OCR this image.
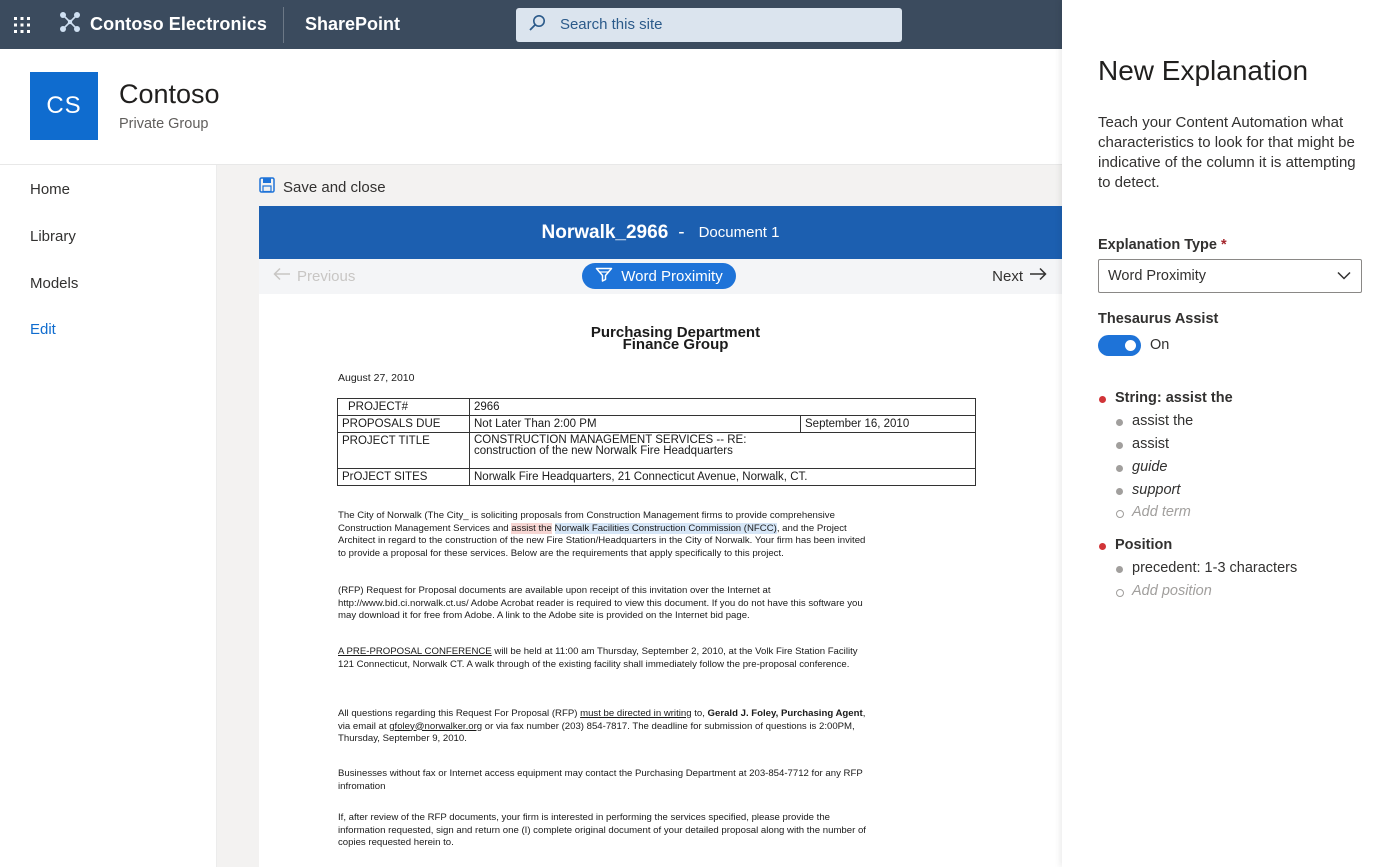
Contoso Electronics	SharePoint	Search this site
CS	Contoso
Private Group
Home
Library
Models
Edit
Save and close
Norwalk_2966 - Document 1
Previous	Word Proximity	Next
Purchasing Department
Finance Group
August 27, 2010
PROJECT#	2966	
PROPOSALS DUE	Not Later Than 2:00 PM	September 16, 2010
PROJECT TITLE	CONSTRUCTION MANAGEMENT SERVICES -- RE:
construction of the new Norwalk Fire Headquarters	

PrOJECT SITES	Norwalk Fire Headquarters, 21 Connecticut Avenue, Norwalk, CT.	
The City of Norwalk (The City_ is soliciting proposals from Construction Management firms to provide comprehensive Construction Management Services and assist the Norwalk Facilities Construction Commission (NFCC), and the Project Architect in regard to the construction of the new Fire Station/Headquarters in the City of Norwalk. Your firm has been invited to provide a proposal for these services. Below are the requirements that apply specifically to this project.
(RFP) Request for Proposal documents are available upon receipt of this invitation over the Internet at http://www.bid.ci.norwalk.ct.us/ Adobe Acrobat reader is required to view this document. If you do not have this software you may download it for free from Adobe. A link to the Adobe site is provided on the Internet bid page.
A PRE-PROPOSAL CONFERENCE will be held at 11:00 am Thursday, September 2, 2010, at the Volk Fire Station Facility 121 Connecticut, Norwalk CT. A walk through of the existing facility shall immediately follow the pre-proposal conference.
All questions regarding this Request For Proposal (RFP) must be directed in writing to, Gerald J. Foley, Purchasing Agent, via email at gfoley@norwalker.org or via fax number (203) 854-7817. The deadline for submission of questions is 2:00PM, Thursday, September 9, 2010.
Businesses without fax or Internet access equipment may contact the Purchasing Department at 203-854-7712 for any RFP infromation
If, after review of the RFP documents, your firm is interested in performing the services specified, please provide the information requested, sign and return one (I) complete original document of your detailed proposal along with the number of copies requested herein to.
New Explanation
Teach your Content Automation what characteristics to look for that might be indicative of the column it is attempting to detect.
Explanation Type *
Word Proximity
Thesaurus Assist
On
String: assist the
assist the
assist
guide
support
Add term
Position
precedent: 1-3 characters
Add position
